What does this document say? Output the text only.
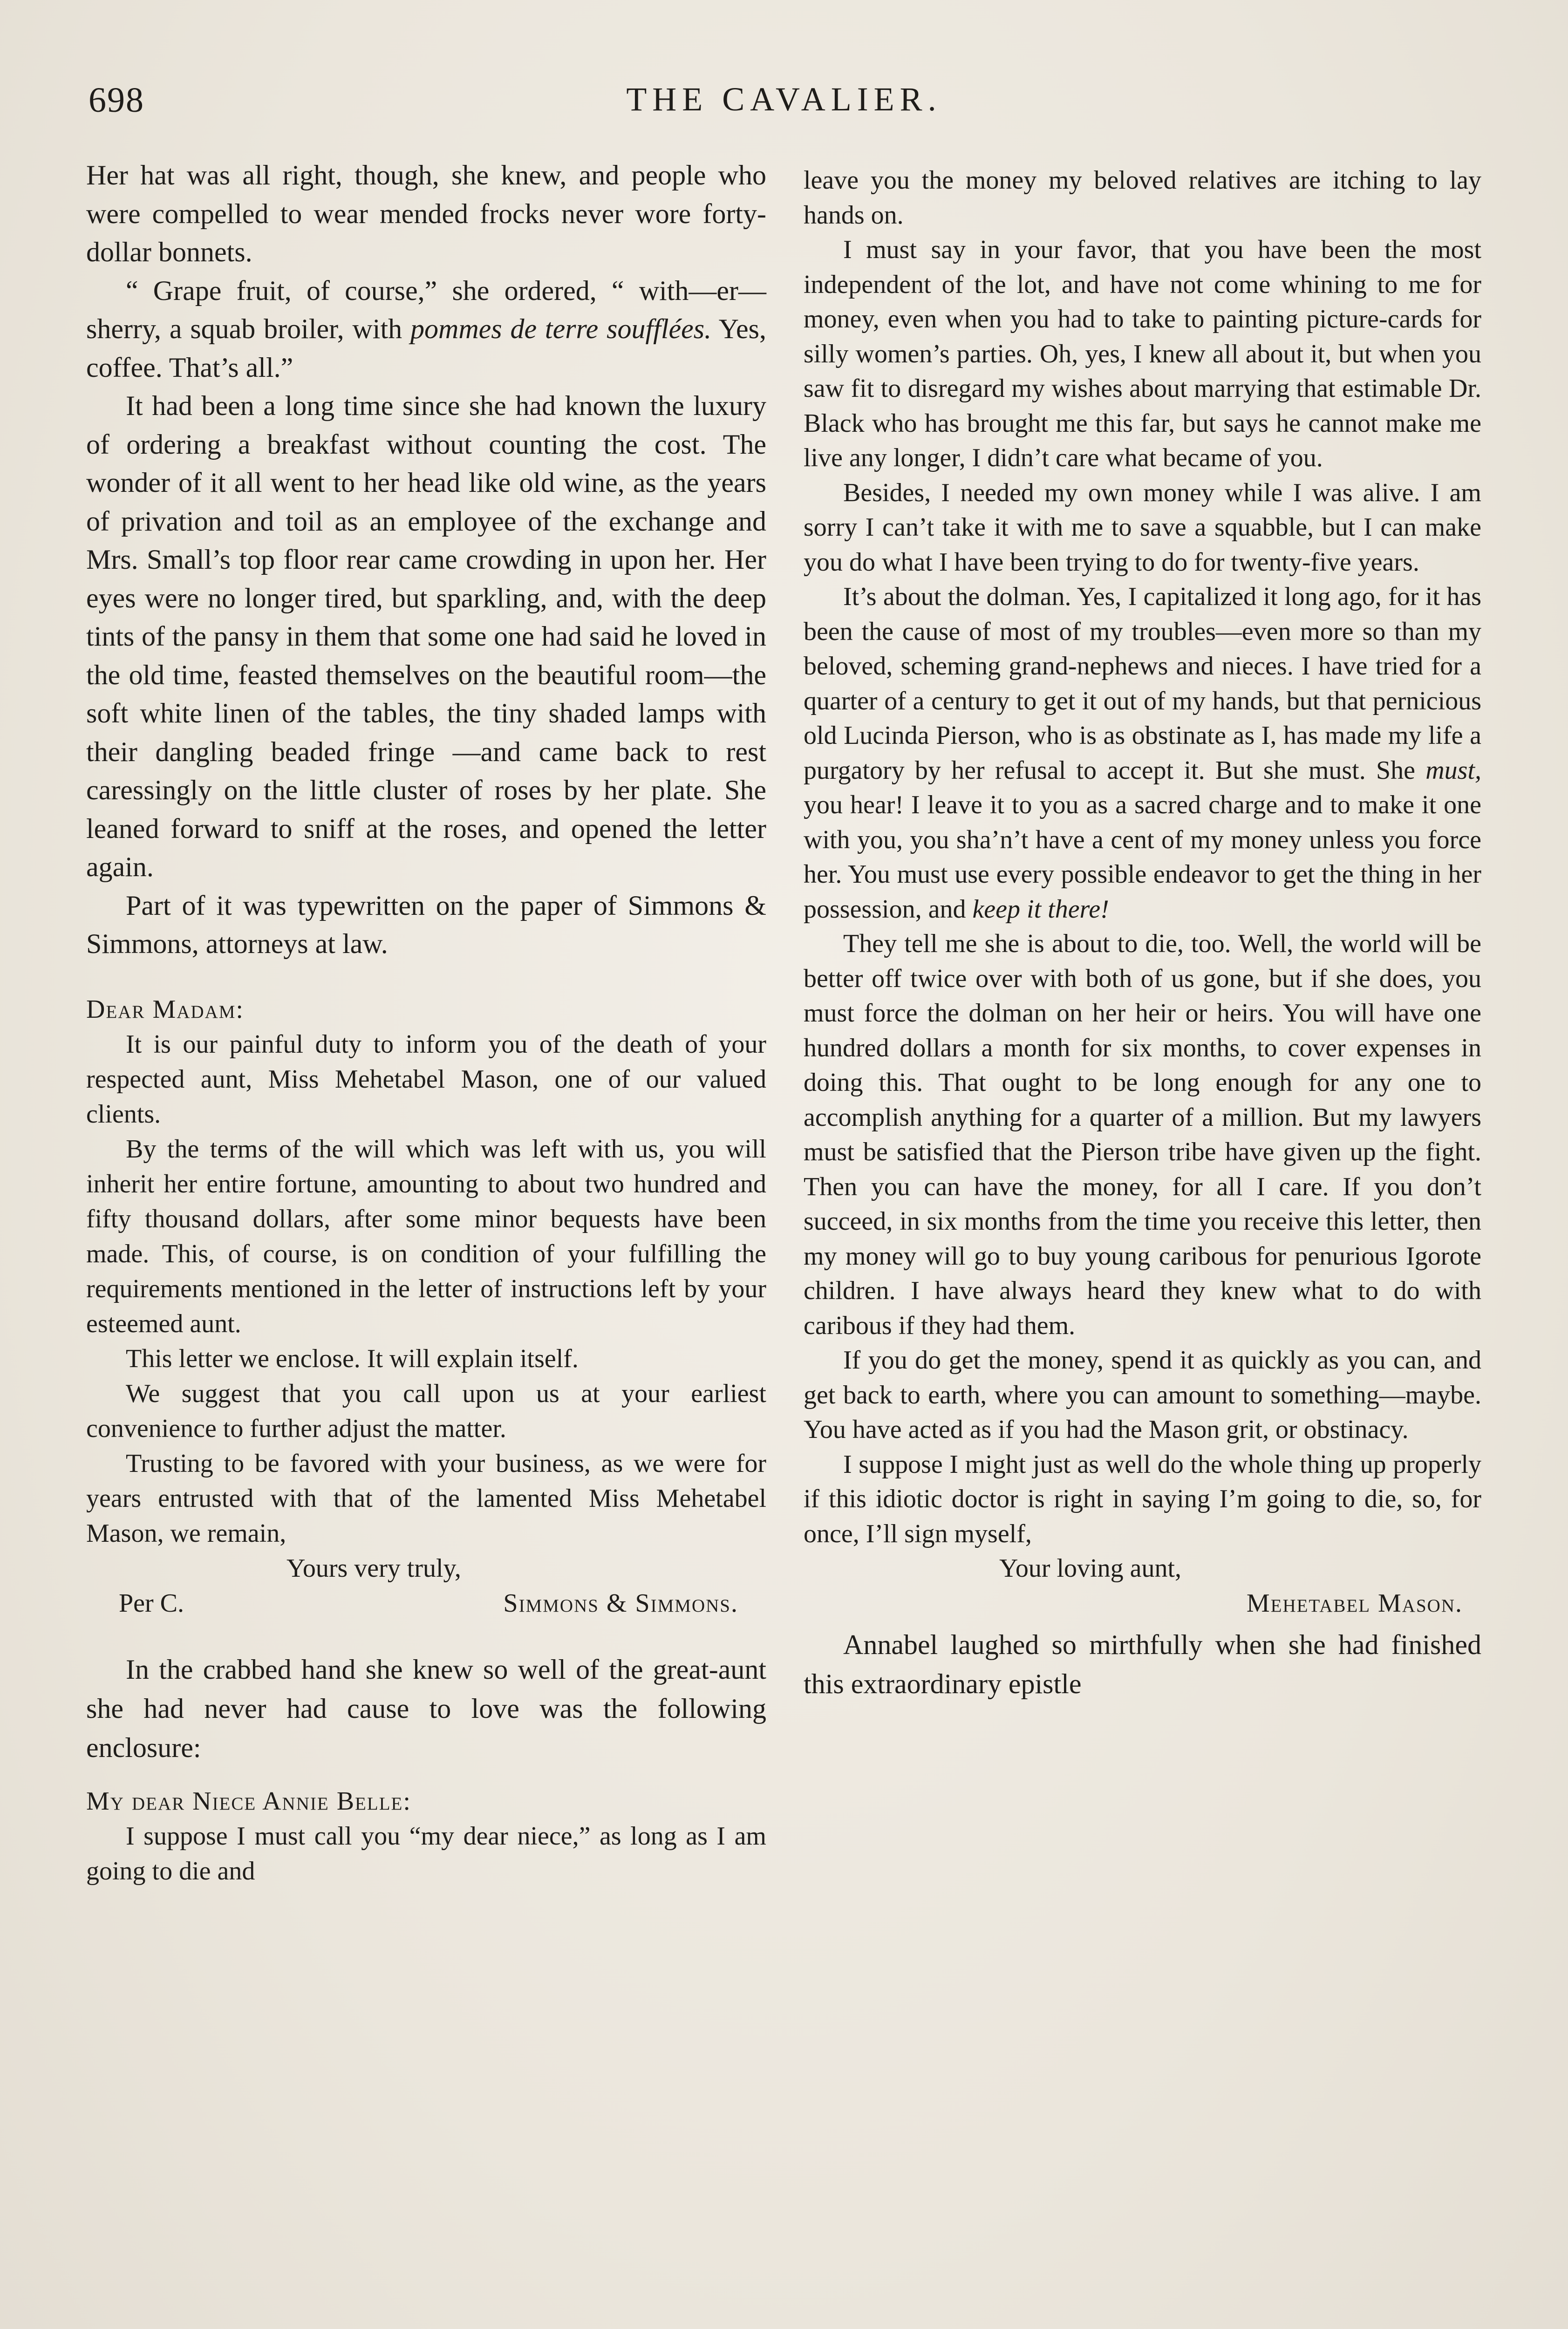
698	THE CAVALIER.

Her hat was all right, though, she knew, and people who were compelled to wear mended frocks never wore forty-dollar bonnets.

“ Grape fruit, of course,” she ordered, “ with—er—sherry, a squab broiler, with pommes de terre soufflées. Yes, coffee. That’s all.”

It had been a long time since she had known the luxury of ordering a breakfast without counting the cost. The wonder of it all went to her head like old wine, as the years of privation and toil as an employee of the exchange and Mrs. Small’s top floor rear came crowding in upon her. Her eyes were no longer tired, but sparkling, and, with the deep tints of the pansy in them that some one had said he loved in the old time, feasted themselves on the beautiful room—the soft white linen of the tables, the tiny shaded lamps with their dangling beaded fringe —and came back to rest caressingly on the little cluster of roses by her plate. She leaned forward to sniff at the roses, and opened the letter again.

Part of it was typewritten on the paper of Simmons & Simmons, attorneys at law.

Dear Madam:

It is our painful duty to inform you of the death of your respected aunt, Miss Mehetabel Mason, one of our valued clients.

By the terms of the will which was left with us, you will inherit her entire fortune, amounting to about two hundred and fifty thousand dollars, after some minor bequests have been made. This, of course, is on condition of your fulfilling the requirements mentioned in the letter of instructions left by your esteemed aunt.

This letter we enclose. It will explain itself.

We suggest that you call upon us at your earliest convenience to further adjust the matter.

Trusting to be favored with your business, as we were for years entrusted with that of the lamented Miss Mehetabel Mason, we remain,

Yours very truly,

Per C.	Simmons & Simmons.

In the crabbed hand she knew so well of the great-aunt she had never had cause to love was the following enclosure:

My dear Niece Annie Belle:

I suppose I must call you “my dear niece,” as long as I am going to die and

leave you the money my beloved relatives are itching to lay hands on.

I must say in your favor, that you have been the most independent of the lot, and have not come whining to me for money, even when you had to take to painting picture-cards for silly women’s parties. Oh, yes, I knew all about it, but when you saw fit to disregard my wishes about marrying that estimable Dr. Black who has brought me this far, but says he cannot make me live any longer, I didn’t care what became of you.

Besides, I needed my own money while I was alive. I am sorry I can’t take it with me to save a squabble, but I can make you do what I have been trying to do for twenty-five years.

It’s about the dolman. Yes, I capitalized it long ago, for it has been the cause of most of my troubles—even more so than my beloved, scheming grand-nephews and nieces. I have tried for a quarter of a century to get it out of my hands, but that pernicious old Lucinda Pierson, who is as obstinate as I, has made my life a purgatory by her refusal to accept it. But she must. She must, you hear! I leave it to you as a sacred charge and to make it one with you, you sha’n’t have a cent of my money unless you force her. You must use every possible endeavor to get the thing in her possession, and keep it there!

They tell me she is about to die, too. Well, the world will be better off twice over with both of us gone, but if she does, you must force the dolman on her heir or heirs. You will have one hundred dollars a month for six months, to cover expenses in doing this. That ought to be long enough for any one to accomplish anything for a quarter of a million. But my lawyers must be satisfied that the Pierson tribe have given up the fight. Then you can have the money, for all I care. If you don’t succeed, in six months from the time you receive this letter, then my money will go to buy young caribous for penurious Igorote children. I have always heard they knew what to do with caribous if they had them.

If you do get the money, spend it as quickly as you can, and get back to earth, where you can amount to something—maybe. You have acted as if you had the Mason grit, or obstinacy.

I suppose I might just as well do the whole thing up properly if this idiotic doctor is right in saying I’m going to die, so, for once, I’ll sign myself,

Your loving aunt,

Mehetabel Mason.

Annabel laughed so mirthfully when she had finished this extraordinary epistle
